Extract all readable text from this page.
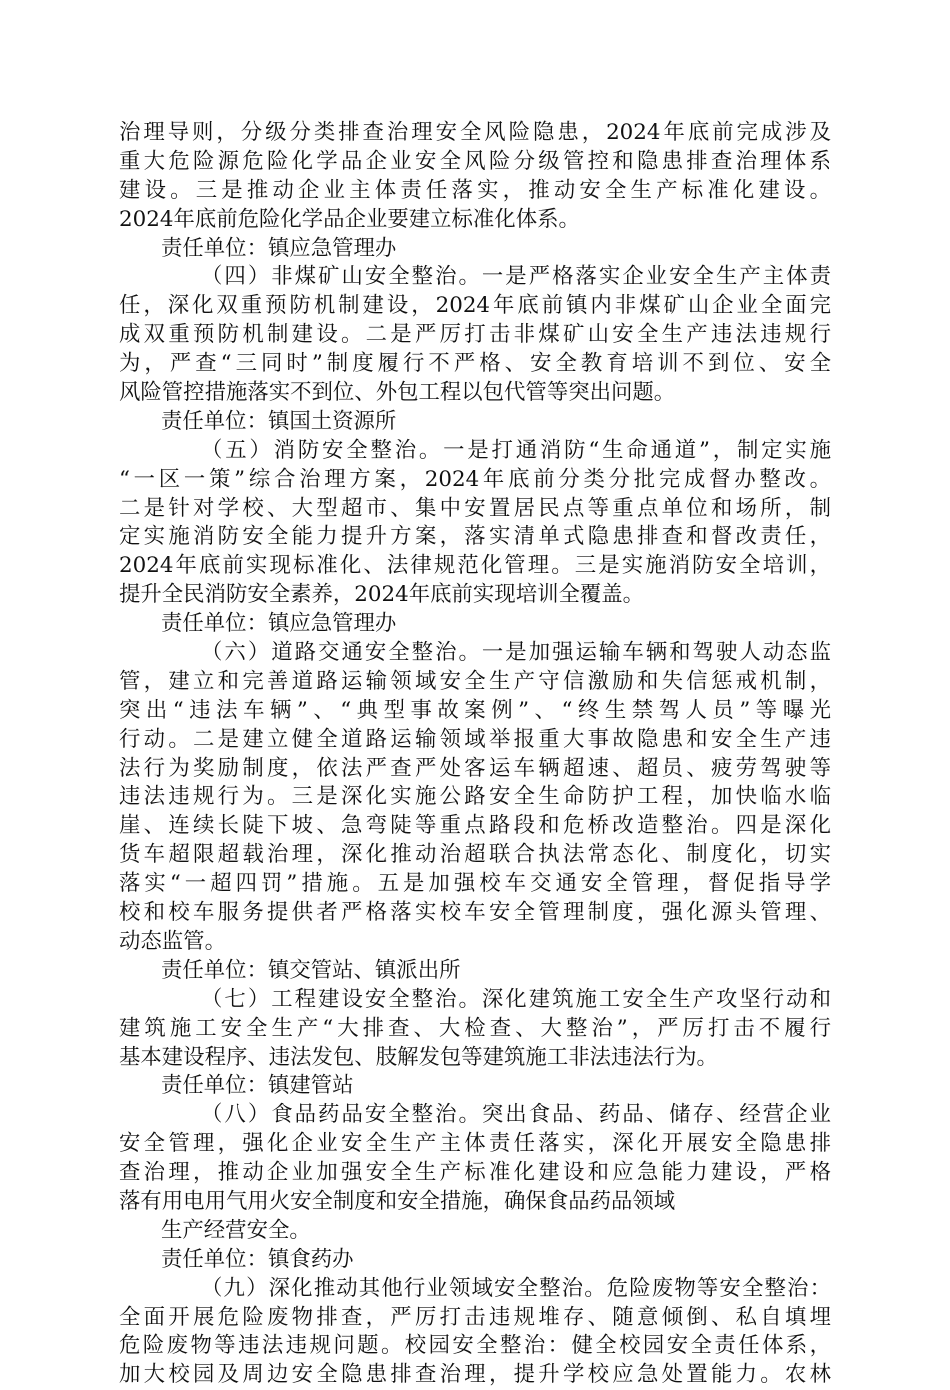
治理导则，分级分类排查治理安全风险隐患，2024年底前完成涉及
重大危险源危险化学品企业安全风险分级管控和隐患排查治理体系
建设。三是推动企业主体责任落实，推动安全生产标准化建设。
2024年底前危险化学品企业要建立标准化体系。
责任单位：镇应急管理办
（四）非煤矿山安全整治。一是严格落实企业安全生产主体责
任，深化双重预防机制建设，2024年底前镇内非煤矿山企业全面完
成双重预防机制建设。二是严厉打击非煤矿山安全生产违法违规行
为，严查“三同时”制度履行不严格、安全教育培训不到位、安全
风险管控措施落实不到位、外包工程以包代管等突出问题。
责任单位：镇国土资源所
（五）消防安全整治。一是打通消防“生命通道”，制定实施
“一区一策”综合治理方案，2024年底前分类分批完成督办整改。
二是针对学校、大型超市、集中安置居民点等重点单位和场所，制
定实施消防安全能力提升方案，落实清单式隐患排查和督改责任，
2024年底前实现标准化、法律规范化管理。三是实施消防安全培训，
提升全民消防安全素养，2024年底前实现培训全覆盖。
责任单位：镇应急管理办
（六）道路交通安全整治。一是加强运输车辆和驾驶人动态监
管，建立和完善道路运输领域安全生产守信激励和失信惩戒机制，
突出“违法车辆”、“典型事故案例”、“终生禁驾人员”等曝光
行动。二是建立健全道路运输领域举报重大事故隐患和安全生产违
法行为奖励制度，依法严查严处客运车辆超速、超员、疲劳驾驶等
违法违规行为。三是深化实施公路安全生命防护工程，加快临水临
崖、连续长陡下坡、急弯陡等重点路段和危桥改造整治。四是深化
货车超限超载治理，深化推动治超联合执法常态化、制度化，切实
落实“一超四罚”措施。五是加强校车交通安全管理，督促指导学
校和校车服务提供者严格落实校车安全管理制度，强化源头管理、
动态监管。
责任单位：镇交管站、镇派出所
（七）工程建设安全整治。深化建筑施工安全生产攻坚行动和
建筑施工安全生产“大排查、大检查、大整治”，严厉打击不履行
基本建设程序、违法发包、肢解发包等建筑施工非法违法行为。
责任单位：镇建管站
（八）食品药品安全整治。突出食品、药品、储存、经营企业
安全管理，强化企业安全生产主体责任落实，深化开展安全隐患排
查治理，推动企业加强安全生产标准化建设和应急能力建设，严格
落有用电用气用火安全制度和安全措施，确保食品药品领域
生产经营安全。
责任单位：镇食药办
（九）深化推动其他行业领域安全整治。危险废物等安全整治：
全面开展危险废物排查，严厉打击违规堆存、随意倾倒、私自填埋
危险废物等违法违规问题。校园安全整治：健全校园安全责任体系，
加大校园及周边安全隐患排查治理，提升学校应急处置能力。农林
